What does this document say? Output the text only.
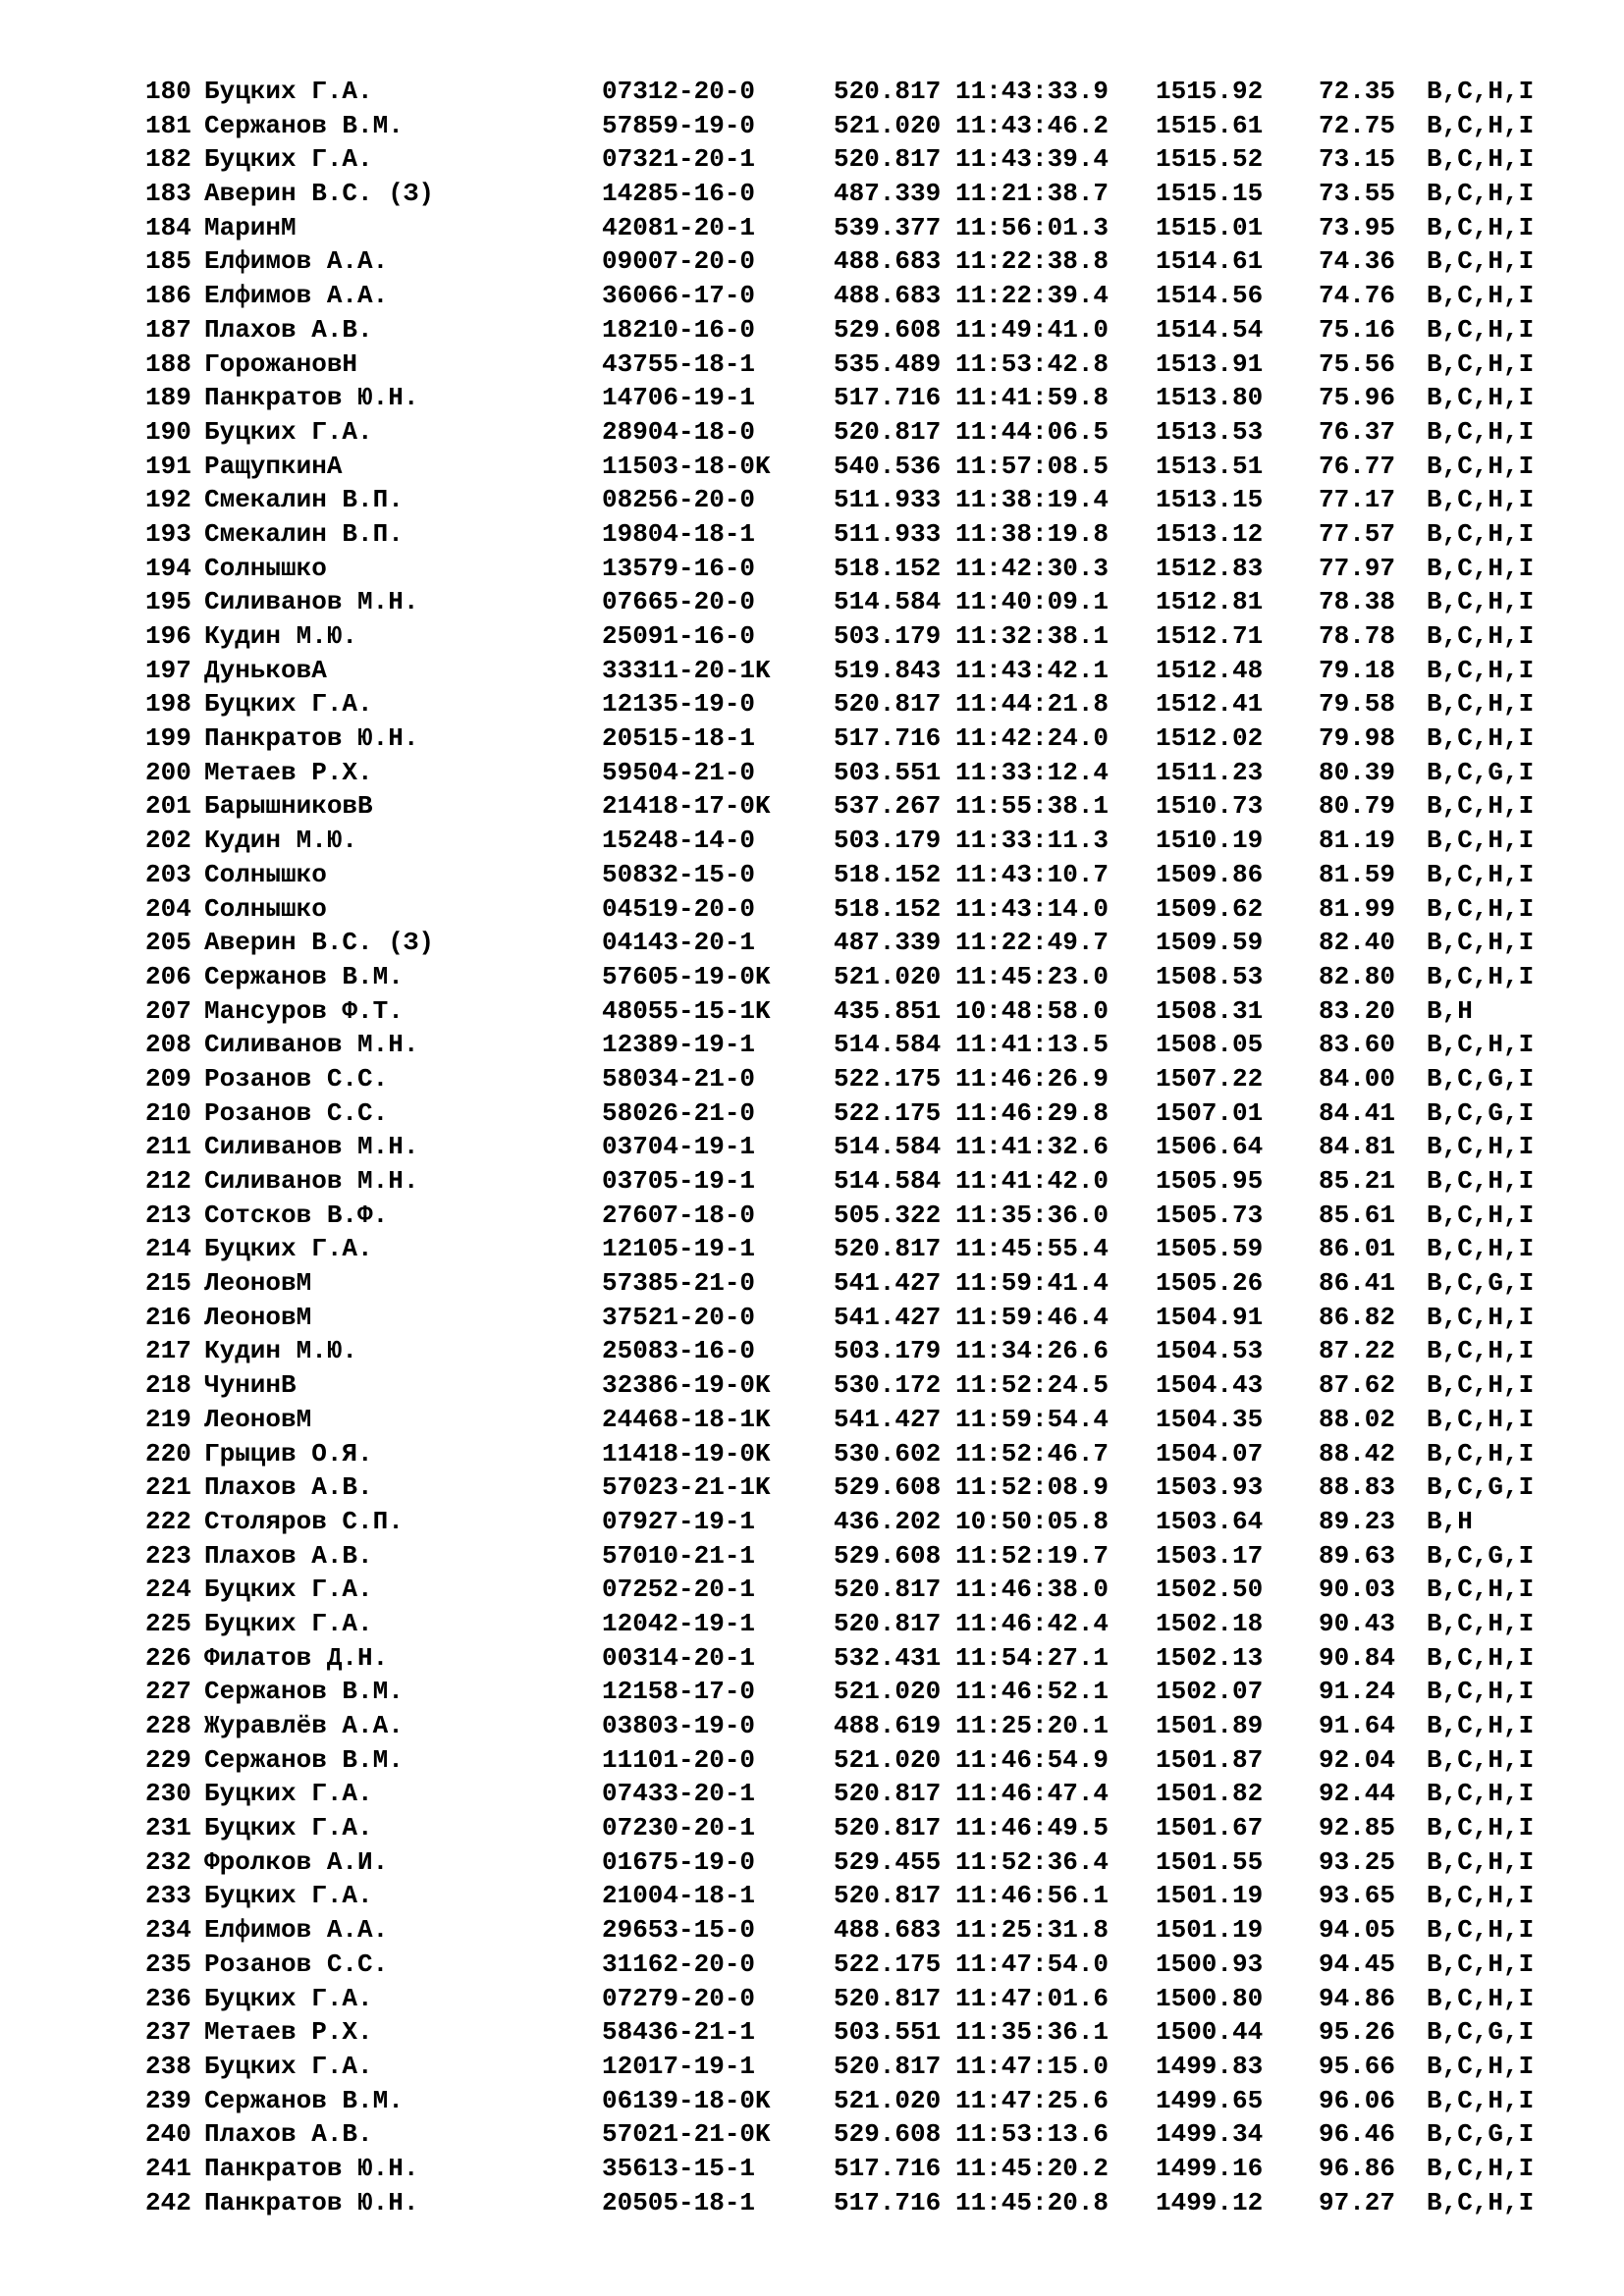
180 Буцких Г.А.	07312-20-0	520.817 11:43:33.9	1515.92	72.35	B,C,H,I
181 Сержанов В.М.	57859-19-0	521.020 11:43:46.2	1515.61	72.75	B,C,H,I
182 Буцких Г.А.	07321-20-1	520.817 11:43:39.4	1515.52	73.15	B,C,H,I
183 Аверин В.С. (З)	14285-16-0	487.339 11:21:38.7	1515.15	73.55	B,C,H,I
184 МаринМ	42081-20-1	539.377 11:56:01.3	1515.01	73.95	B,C,H,I
185 Елфимов А.А.	09007-20-0	488.683 11:22:38.8	1514.61	74.36	B,C,H,I
186 Елфимов А.А.	36066-17-0	488.683 11:22:39.4	1514.56	74.76	B,C,H,I
187 Плахов А.В.	18210-16-0	529.608 11:49:41.0	1514.54	75.16	B,C,H,I
188 ГорожановН	43755-18-1	535.489 11:53:42.8	1513.91	75.56	B,C,H,I
189 Панкратов Ю.Н.	14706-19-1	517.716 11:41:59.8	1513.80	75.96	B,C,H,I
190 Буцких Г.А.	28904-18-0	520.817 11:44:06.5	1513.53	76.37	B,C,H,I
191 РащупкинА	11503-18-0K	540.536 11:57:08.5	1513.51	76.77	B,C,H,I
192 Смекалин В.П.	08256-20-0	511.933 11:38:19.4	1513.15	77.17	B,C,H,I
193 Смекалин В.П.	19804-18-1	511.933 11:38:19.8	1513.12	77.57	B,C,H,I
194 Солнышко	13579-16-0	518.152 11:42:30.3	1512.83	77.97	B,C,H,I
195 Силиванов М.Н.	07665-20-0	514.584 11:40:09.1	1512.81	78.38	B,C,H,I
196 Кудин М.Ю.	25091-16-0	503.179 11:32:38.1	1512.71	78.78	B,C,H,I
197 ДуньковА	33311-20-1K	519.843 11:43:42.1	1512.48	79.18	B,C,H,I
198 Буцких Г.А.	12135-19-0	520.817 11:44:21.8	1512.41	79.58	B,C,H,I
199 Панкратов Ю.Н.	20515-18-1	517.716 11:42:24.0	1512.02	79.98	B,C,H,I
200 Метаев Р.Х.	59504-21-0	503.551 11:33:12.4	1511.23	80.39	B,C,G,I
201 БарышниковВ	21418-17-0K	537.267 11:55:38.1	1510.73	80.79	B,C,H,I
202 Кудин М.Ю.	15248-14-0	503.179 11:33:11.3	1510.19	81.19	B,C,H,I
203 Солнышко	50832-15-0	518.152 11:43:10.7	1509.86	81.59	B,C,H,I
204 Солнышко	04519-20-0	518.152 11:43:14.0	1509.62	81.99	B,C,H,I
205 Аверин В.С. (З)	04143-20-1	487.339 11:22:49.7	1509.59	82.40	B,C,H,I
206 Сержанов В.М.	57605-19-0K	521.020 11:45:23.0	1508.53	82.80	B,C,H,I
207 Мансуров Ф.Т.	48055-15-1K	435.851 10:48:58.0	1508.31	83.20	B,H
208 Силиванов М.Н.	12389-19-1	514.584 11:41:13.5	1508.05	83.60	B,C,H,I
209 Розанов С.С.	58034-21-0	522.175 11:46:26.9	1507.22	84.00	B,C,G,I
210 Розанов С.С.	58026-21-0	522.175 11:46:29.8	1507.01	84.41	B,C,G,I
211 Силиванов М.Н.	03704-19-1	514.584 11:41:32.6	1506.64	84.81	B,C,H,I
212 Силиванов М.Н.	03705-19-1	514.584 11:41:42.0	1505.95	85.21	B,C,H,I
213 Сотсков В.Ф.	27607-18-0	505.322 11:35:36.0	1505.73	85.61	B,C,H,I
214 Буцких Г.А.	12105-19-1	520.817 11:45:55.4	1505.59	86.01	B,C,H,I
215 ЛеоновМ	57385-21-0	541.427 11:59:41.4	1505.26	86.41	B,C,G,I
216 ЛеоновМ	37521-20-0	541.427 11:59:46.4	1504.91	86.82	B,C,H,I
217 Кудин М.Ю.	25083-16-0	503.179 11:34:26.6	1504.53	87.22	B,C,H,I
218 ЧунинВ	32386-19-0K	530.172 11:52:24.5	1504.43	87.62	B,C,H,I
219 ЛеоновМ	24468-18-1K	541.427 11:59:54.4	1504.35	88.02	B,C,H,I
220 Грыцив О.Я.	11418-19-0K	530.602 11:52:46.7	1504.07	88.42	B,C,H,I
221 Плахов А.В.	57023-21-1K	529.608 11:52:08.9	1503.93	88.83	B,C,G,I
222 Столяров С.П.	07927-19-1	436.202 10:50:05.8	1503.64	89.23	B,H
223 Плахов А.В.	57010-21-1	529.608 11:52:19.7	1503.17	89.63	B,C,G,I
224 Буцких Г.А.	07252-20-1	520.817 11:46:38.0	1502.50	90.03	B,C,H,I
225 Буцких Г.А.	12042-19-1	520.817 11:46:42.4	1502.18	90.43	B,C,H,I
226 Филатов Д.Н.	00314-20-1	532.431 11:54:27.1	1502.13	90.84	B,C,H,I
227 Сержанов В.М.	12158-17-0	521.020 11:46:52.1	1502.07	91.24	B,C,H,I
228 Журавлёв А.А.	03803-19-0	488.619 11:25:20.1	1501.89	91.64	B,C,H,I
229 Сержанов В.М.	11101-20-0	521.020 11:46:54.9	1501.87	92.04	B,C,H,I
230 Буцких Г.А.	07433-20-1	520.817 11:46:47.4	1501.82	92.44	B,C,H,I
231 Буцких Г.А.	07230-20-1	520.817 11:46:49.5	1501.67	92.85	B,C,H,I
232 Фролков А.И.	01675-19-0	529.455 11:52:36.4	1501.55	93.25	B,C,H,I
233 Буцких Г.А.	21004-18-1	520.817 11:46:56.1	1501.19	93.65	B,C,H,I
234 Елфимов А.А.	29653-15-0	488.683 11:25:31.8	1501.19	94.05	B,C,H,I
235 Розанов С.С.	31162-20-0	522.175 11:47:54.0	1500.93	94.45	B,C,H,I
236 Буцких Г.А.	07279-20-0	520.817 11:47:01.6	1500.80	94.86	B,C,H,I
237 Метаев Р.Х.	58436-21-1	503.551 11:35:36.1	1500.44	95.26	B,C,G,I
238 Буцких Г.А.	12017-19-1	520.817 11:47:15.0	1499.83	95.66	B,C,H,I
239 Сержанов В.М.	06139-18-0K	521.020 11:47:25.6	1499.65	96.06	B,C,H,I
240 Плахов А.В.	57021-21-0K	529.608 11:53:13.6	1499.34	96.46	B,C,G,I
241 Панкратов Ю.Н.	35613-15-1	517.716 11:45:20.2	1499.16	96.86	B,C,H,I
242 Панкратов Ю.Н.	20505-18-1	517.716 11:45:20.8	1499.12	97.27	B,C,H,I
